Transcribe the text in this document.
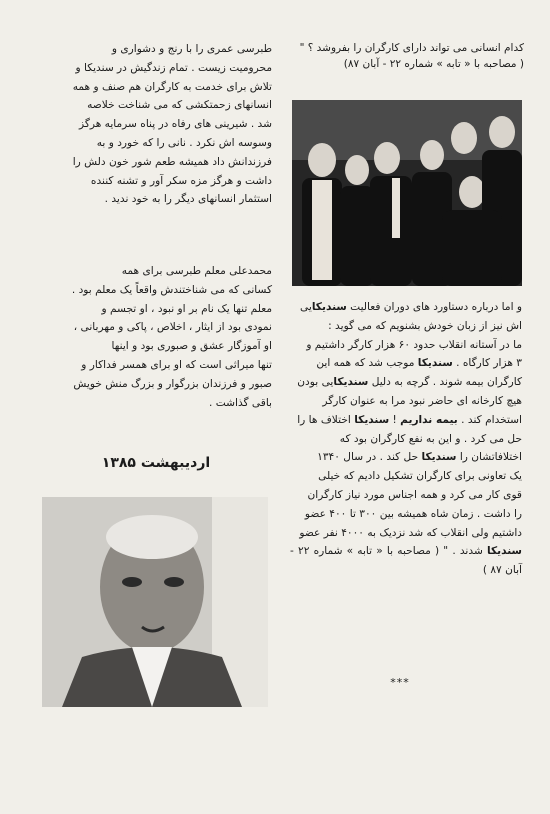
کدام انسانی می تواند دارای کارگران را بفروشد ؟ "

( مصاحبه با « تابه » شماره ۲۲ - آبان ۸۷)

و اما درباره دستاورد های دوران فعالیت سندیکایی

اش نیز از زبان خودش بشنویم که می گوید :

ما در آستانه انقلاب حدود ۶۰ هزار کارگر داشتیم و

۳ هزار کارگاه . سندیکا موجب شد که همه این

کارگران بیمه شوند . گرچه به دلیل سندیکایی بودن

هیچ کارخانه ای حاضر نبود مرا به عنوان کارگر

استخدام کند . بیمه نداریم ! سندیکا اختلاف ها را

حل می کرد . و این به نفع کارگران بود که

اختلافاتشان را سندیکا حل کند . در سال ۱۳۴۰

یک تعاونی برای کارگران تشکیل دادیم که خیلی

قوی کار می کرد و همه اجناس مورد نیاز کارگران

را داشت . زمان شاه همیشه بین ۳۰۰ تا ۴۰۰ عضو

داشتیم ولی انقلاب که شد نزدیک به ۴۰۰۰ نفر عضو

سندیکا شدند . " ( مصاحبه با « تابه » شماره ۲۲ - آبان ۸۷ )

***

طبرسی عمری را با رنج و دشواری و

محرومیت زیست . تمام زندگیش در سندیکا و

تلاش برای خدمت به کارگران هم صنف و همه

انسانهای زحمتکشی که می شناخت خلاصه

شد . شیرینی های رفاه در پناه سرمایه هرگز

وسوسه اش نکرد . نانی را که خورد و به

فرزندانش داد همیشه طعم شور خون دلش را

داشت و هرگز مزه سکر آور و تشنه کننده

استثمار انسانهای دیگر را به خود ندید .

محمدعلی معلم طبرسی برای همه

کسانی که می شناختندش واقعاً یک معلم بود .

معلم تنها یک نام بر او نبود ، او تجسم و

نمودی بود از ایثار ، اخلاص ، پاکی و مهربانی ،

او آموزگار عشق و صبوری بود و اینها

تنها میراثی است که او برای همسر فداکار و

صبور و فرزندان بزرگوار و بزرگ منش خویش

باقی گذاشت .

اردیبهشت ۱۳۸۵
